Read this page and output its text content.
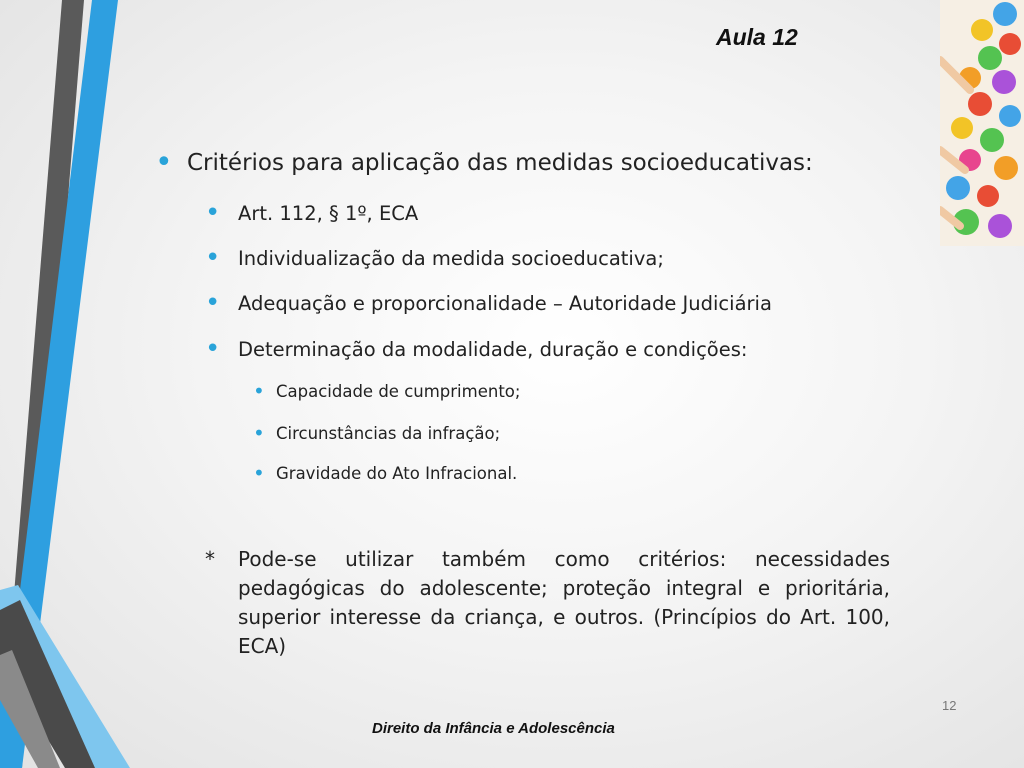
Aula 12
• Critérios para aplicação das medidas socioeducativas:
• Art. 112, § 1º, ECA
• Individualização da medida socioeducativa;
• Adequação e proporcionalidade – Autoridade Judiciária
• Determinação da modalidade, duração e condições:
• Capacidade de cumprimento;
• Circunstâncias da infração;
• Gravidade do Ato Infracional.
*	Pode-se utilizar também como critérios: necessidades pedagógicas do adolescente; proteção integral e prioritária, superior interesse da criança, e outros. (Princípios do Art. 100, ECA)
12
Direito da Infância e Adolescência
